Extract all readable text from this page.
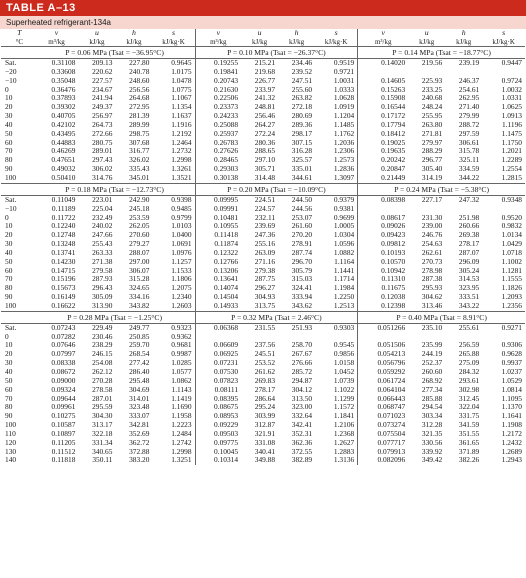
TABLE A–13
Superheated refrigerant-134a
T	v	u	h	s	v	u	h	s	v	u	h	s
°C	m³/kg	kJ/kg	kJ/kg	kJ/kg·K	m³/kg	kJ/kg	kJ/kg	kJ/kg·K	m³/kg	kJ/kg	kJ/kg	kJ/kg·K
	P = 0.06 MPa (Tsat = −36.95°C)				P = 0.10 MPa (Tsat = −26.37°C)				P = 0.14 MPa (Tsat = −18.77°C)			
Sat.	0.31108	209.13	227.80	0.9645	0.19255	215.21	234.46	0.9519	0.14020	219.56	239.19	0.9447
−20	0.33608	220.62	240.78	1.0175	0.19841	219.68	239.52	0.9721				
−10	0.35048	227.57	248.60	1.0478	0.20743	226.77	247.51	1.0031	0.14605	225.93	246.37	0.9724
0	0.36476	234.67	256.56	1.0775	0.21630	233.97	255.60	1.0333	0.15263	233.25	254.61	1.0032
10	0.37893	241.94	264.68	1.1067	0.22506	241.32	263.82	1.0628	0.15908	240.68	262.95	1.0331
20	0.39302	249.37	272.95	1.1354	0.23373	248.81	272.18	1.0919	0.16544	248.24	271.40	1.0625
30	0.40705	256.97	281.39	1.1637	0.24233	256.46	280.69	1.1204	0.17172	255.95	279.99	1.0913
40	0.42102	264.73	289.99	1.1916	0.25088	264.27	289.36	1.1485	0.17794	263.80	288.72	1.1196
50	0.43495	272.66	298.75	1.2192	0.25937	272.24	298.17	1.1762	0.18412	271.81	297.59	1.1475
60	0.44883	280.75	307.68	1.2464	0.26783	280.36	307.15	1.2036	0.19025	279.97	306.61	1.1750
70	0.46269	289.01	316.77	1.2732	0.27626	288.65	316.28	1.2306	0.19635	288.29	315.78	1.2021
80	0.47651	297.43	326.02	1.2998	0.28465	297.10	325.57	1.2573	0.20242	296.77	325.11	1.2289
90	0.49032	306.02	335.43	1.3261	0.29303	305.71	335.01	1.2836	0.20847	305.40	334.59	1.2554
100	0.50410	314.76	345.01	1.3521	0.30138	314.48	344.61	1.3097	0.21449	314.19	344.22	1.2815
	P = 0.18 MPa (Tsat = −12.73°C)				P = 0.20 MPa (Tsat = −10.09°C)				P = 0.24 MPa (Tsat = −5.38°C)			
Sat.	0.11049	223.01	242.90	0.9398	0.09995	224.51	244.50	0.9379	0.08398	227.17	247.32	0.9348
−10	0.11189	225.04	245.18	0.9485	0.09991	224.57	244.56	0.9381				
0	0.11722	232.49	253.59	0.9799	0.10481	232.11	253.07	0.9699	0.08617	231.30	251.98	0.9520
10	0.12240	240.02	262.05	1.0103	0.10955	239.69	261.60	1.0005	0.09026	239.00	260.66	0.9832
20	0.12748	247.66	270.60	1.0400	0.11418	247.36	270.20	1.0304	0.09423	246.76	269.38	1.0134
30	0.13248	255.43	279.27	1.0691	0.11874	255.16	278.91	1.0596	0.09812	254.63	278.17	1.0429
40	0.13741	263.33	288.07	1.0976	0.12322	263.09	287.74	1.0882	0.10193	262.61	287.07	1.0718
50	0.14230	271.38	297.00	1.1257	0.12766	271.16	296.70	1.1164	0.10570	270.73	296.09	1.1002
60	0.14715	279.58	306.07	1.1533	0.13206	279.38	305.79	1.1441	0.10942	278.98	305.24	1.1281
70	0.15196	287.93	315.28	1.1806	0.13641	287.75	315.03	1.1714	0.11310	287.38	314.53	1.1555
80	0.15673	296.43	324.65	1.2075	0.14074	296.27	324.41	1.1984	0.11675	295.93	323.95	1.1826
90	0.16149	305.09	334.16	1.2340	0.14504	304.93	333.94	1.2250	0.12038	304.62	333.51	1.2093
100	0.16622	313.90	343.82	1.2603	0.14933	313.75	343.62	1.2513	0.12398	313.46	343.22	1.2356
	P = 0.28 MPa (Tsat = −1.25°C)				P = 0.32 MPa (Tsat = 2.46°C)				P = 0.40 MPa (Tsat = 8.91°C)			
Sat.	0.07243	229.49	249.77	0.9323	0.06368	231.55	251.93	0.9303	0.051266	235.10	255.61	0.9271
0	0.07282	230.46	250.85	0.9362								
10	0.07646	238.29	259.70	0.9681	0.06609	237.56	258.70	0.9545	0.051506	235.99	256.59	0.9306
20	0.07997	246.15	268.54	0.9987	0.06925	245.51	267.67	0.9856	0.054213	244.19	265.88	0.9628
30	0.08338	254.08	277.42	1.0285	0.07231	253.52	276.66	1.0158	0.056796	252.37	275.09	0.9937
40	0.08672	262.12	286.40	1.0577	0.07530	261.62	285.72	1.0452	0.059292	260.60	284.32	1.0237
50	0.09000	270.28	295.48	1.0862	0.07823	269.83	294.87	1.0739	0.061724	268.92	293.61	1.0529
60	0.09324	278.58	304.69	1.1143	0.08111	278.17	304.12	1.1022	0.064104	277.34	302.98	1.0814
70	0.09644	287.01	314.01	1.1419	0.08395	286.64	313.50	1.1299	0.066443	285.88	312.45	1.1095
80	0.09961	295.59	323.48	1.1690	0.08675	295.24	323.00	1.1572	0.068747	294.54	322.04	1.1370
90	0.10275	304.30	333.07	1.1958	0.08953	303.99	332.64	1.1841	0.071023	303.34	331.75	1.1641
100	0.10587	313.17	342.81	1.2223	0.09229	312.87	342.41	1.2106	0.073274	312.28	341.59	1.1908
110	0.10897	322.18	352.69	1.2484	0.09503	321.91	352.31	1.2368	0.075504	321.35	351.55	1.2172
120	0.11205	331.34	362.72	1.2742	0.09775	331.08	362.36	1.2627	0.077717	330.56	361.65	1.2432
130	0.11512	340.65	372.88	1.2998	0.10045	340.41	372.55	1.2883	0.079913	339.92	371.89	1.2689
140	0.11818	350.11	383.20	1.3251	0.10314	349.88	382.89	1.3136	0.082096	349.42	382.26	1.2943
